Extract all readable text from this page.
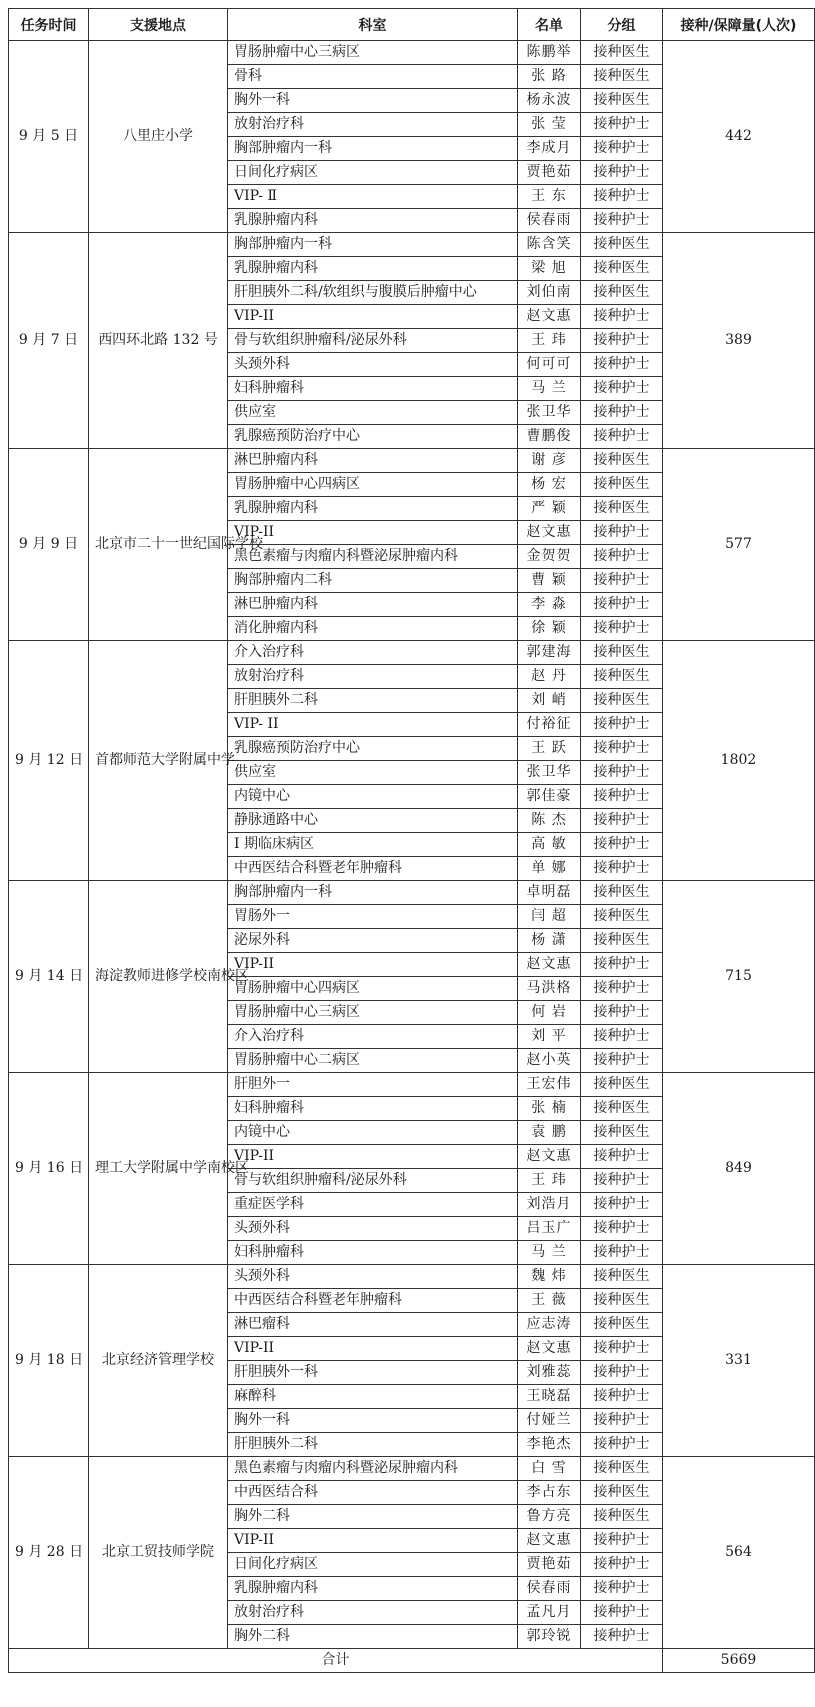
任务时间	支援地点	科室	名单	分组	接种/保障量(人次)
9 月 5 日	八里庄小学	胃肠肿瘤中心三病区	陈鹏举	接种医生	442
		骨科	张 路	接种医生	
		胸外一科	杨永波	接种医生	
		放射治疗科	张 莹	接种护士	
		胸部肿瘤内一科	李成月	接种护士	
		日间化疗病区	贾艳茹	接种护士	
		VIP- Ⅱ	王 东	接种护士	
		乳腺肿瘤内科	侯春雨	接种护士	
9 月 7 日	西四环北路 132 号	胸部肿瘤内一科	陈含笑	接种医生	389
		乳腺肿瘤内科	梁 旭	接种医生	
		肝胆胰外二科/软组织与腹膜后肿瘤中心	刘伯南	接种医生	
		VIP-II	赵文惠	接种护士	
		骨与软组织肿瘤科/泌尿外科	王 玮	接种护士	
		头颈外科	何可可	接种护士	
		妇科肿瘤科	马 兰	接种护士	
		供应室	张卫华	接种护士	
		乳腺癌预防治疗中心	曹鹏俊	接种护士	
9 月 9 日	北京市二十一世纪国际学校	淋巴肿瘤内科	谢 彦	接种医生	577
		胃肠肿瘤中心四病区	杨 宏	接种医生	
		乳腺肿瘤内科	严 颖	接种医生	
		VIP-II	赵文惠	接种护士	
		黑色素瘤与肉瘤内科暨泌尿肿瘤内科	金贺贺	接种护士	
		胸部肿瘤内二科	曹 颖	接种护士	
		淋巴肿瘤内科	李 淼	接种护士	
		消化肿瘤内科	徐 颖	接种护士	
9 月 12 日	首都师范大学附属中学	介入治疗科	郭建海	接种医生	1802
		放射治疗科	赵 丹	接种医生	
		肝胆胰外二科	刘 峭	接种医生	
		VIP- II	付裕征	接种护士	
		乳腺癌预防治疗中心	王 跃	接种护士	
		供应室	张卫华	接种护士	
		内镜中心	郭佳豪	接种护士	
		静脉通路中心	陈 杰	接种护士	
		I 期临床病区	高 敏	接种护士	
		中西医结合科暨老年肿瘤科	单 娜	接种护士	
9 月 14 日	海淀教师进修学校南校区	胸部肿瘤内一科	卓明磊	接种医生	715
		胃肠外一	闫 超	接种医生	
		泌尿外科	杨 潇	接种医生	
		VIP-II	赵文惠	接种护士	
		胃肠肿瘤中心四病区	马洪格	接种护士	
		胃肠肿瘤中心三病区	何 岩	接种护士	
		介入治疗科	刘 平	接种护士	
		胃肠肿瘤中心二病区	赵小英	接种护士	
9 月 16 日	理工大学附属中学南校区	肝胆外一	王宏伟	接种医生	849
		妇科肿瘤科	张 楠	接种医生	
		内镜中心	袁 鹏	接种医生	
		VIP-II	赵文惠	接种护士	
		骨与软组织肿瘤科/泌尿外科	王 玮	接种护士	
		重症医学科	刘浩月	接种护士	
		头颈外科	吕玉广	接种护士	
		妇科肿瘤科	马 兰	接种护士	
9 月 18 日	北京经济管理学校	头颈外科	魏 炜	接种医生	331
		中西医结合科暨老年肿瘤科	王 薇	接种医生	
		淋巴瘤科	应志涛	接种医生	
		VIP-II	赵文惠	接种护士	
		肝胆胰外一科	刘雅蕊	接种护士	
		麻醉科	王晓磊	接种护士	
		胸外一科	付娅兰	接种护士	
		肝胆胰外二科	李艳杰	接种护士	
9 月 28 日	北京工贸技师学院	黑色素瘤与肉瘤内科暨泌尿肿瘤内科	白 雪	接种医生	564
		中西医结合科	李占东	接种医生	
		胸外二科	鲁方亮	接种医生	
		VIP-II	赵文惠	接种护士	
		日间化疗病区	贾艳茹	接种护士	
		乳腺肿瘤内科	侯春雨	接种护士	
		放射治疗科	孟凡月	接种护士	
		胸外二科	郭玲锐	接种护士	
合计					5669
